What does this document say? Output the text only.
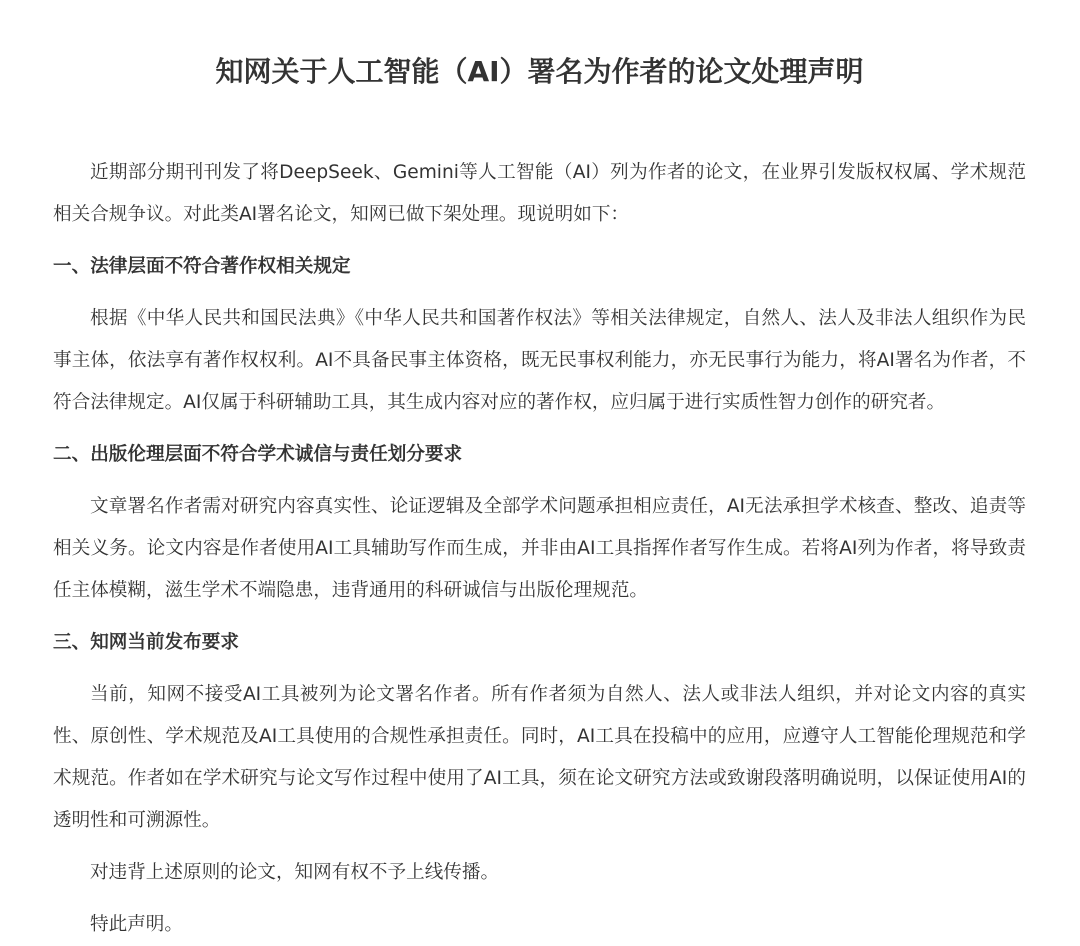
知网关于人工智能（AI）署名为作者的论文处理声明

近期部分期刊刊发了将DeepSeek、Gemini等人工智能（AI）列为作者的论文，在业界引发版权权属、学术规范相关合规争议。对此类AI署名论文，知网已做下架处理。现说明如下：

一、法律层面不符合著作权相关规定

根据《中华人民共和国民法典》《中华人民共和国著作权法》等相关法律规定，自然人、法人及非法人组织作为民事主体，依法享有著作权权利。AI不具备民事主体资格，既无民事权利能力，亦无民事行为能力，将AI署名为作者，不符合法律规定。AI仅属于科研辅助工具，其生成内容对应的著作权，应归属于进行实质性智力创作的研究者。

二、出版伦理层面不符合学术诚信与责任划分要求

文章署名作者需对研究内容真实性、论证逻辑及全部学术问题承担相应责任，AI无法承担学术核查、整改、追责等相关义务。论文内容是作者使用AI工具辅助写作而生成，并非由AI工具指挥作者写作生成。若将AI列为作者，将导致责任主体模糊，滋生学术不端隐患，违背通用的科研诚信与出版伦理规范。

三、知网当前发布要求

当前，知网不接受AI工具被列为论文署名作者。所有作者须为自然人、法人或非法人组织，并对论文内容的真实性、原创性、学术规范及AI工具使用的合规性承担责任。同时，AI工具在投稿中的应用，应遵守人工智能伦理规范和学术规范。作者如在学术研究与论文写作过程中使用了AI工具，须在论文研究方法或致谢段落明确说明，以保证使用AI的透明性和可溯源性。

对违背上述原则的论文，知网有权不予上线传播。

特此声明。
